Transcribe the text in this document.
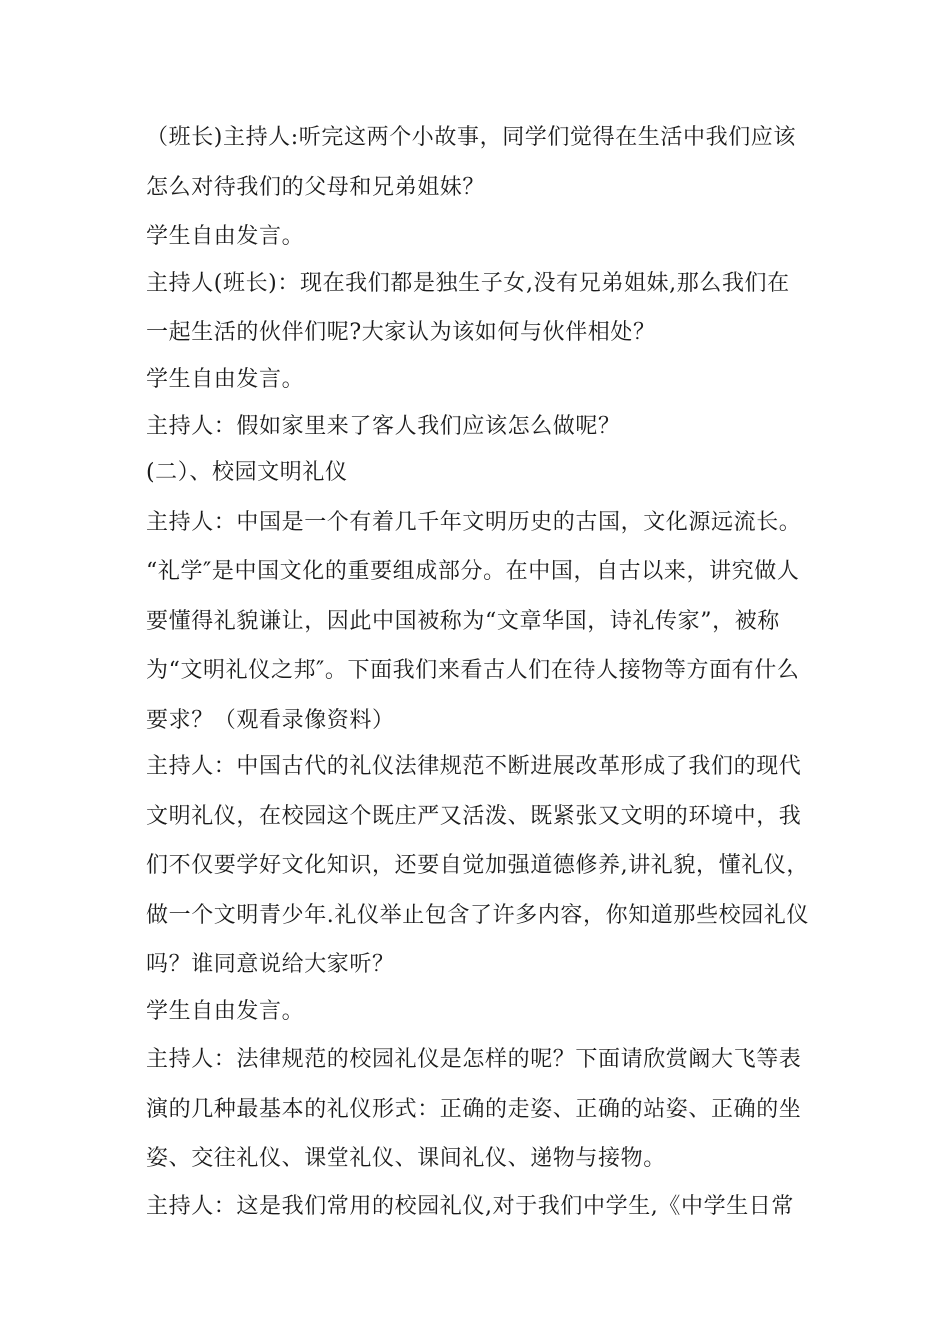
（班长)主持人:听完这两个小故事，同学们觉得在生活中我们应该
怎么对待我们的父母和兄弟姐妹？
学生自由发言。
主持人(班长)：现在我们都是独生子女,没有兄弟姐妹,那么我们在
一起生活的伙伴们呢?大家认为该如何与伙伴相处？
学生自由发言。
主持人：假如家里来了客人我们应该怎么做呢？
(二）、校园文明礼仪
主持人：中国是一个有着几千年文明历史的古国，文化源远流长。
“礼学″是中国文化的重要组成部分。在中国，自古以来，讲究做人
要懂得礼貌谦让，因此中国被称为“文章华国，诗礼传家”，被称
为“文明礼仪之邦″。下面我们来看古人们在待人接物等方面有什么
要求？（观看录像资料）
主持人：中国古代的礼仪法律规范不断进展改革形成了我们的现代
文明礼仪，在校园这个既庄严又活泼、既紧张又文明的环境中，我
们不仅要学好文化知识，还要自觉加强道德修养,讲礼貌，懂礼仪，
做一个文明青少年.礼仪举止包含了许多内容，你知道那些校园礼仪
吗？谁同意说给大家听？
学生自由发言。
主持人：法律规范的校园礼仪是怎样的呢？下面请欣赏阚大飞等表
演的几种最基本的礼仪形式：正确的走姿、正确的站姿、正确的坐
姿、交往礼仪、课堂礼仪、课间礼仪、递物与接物。
主持人：这是我们常用的校园礼仪,对于我们中学生,《中学生日常
